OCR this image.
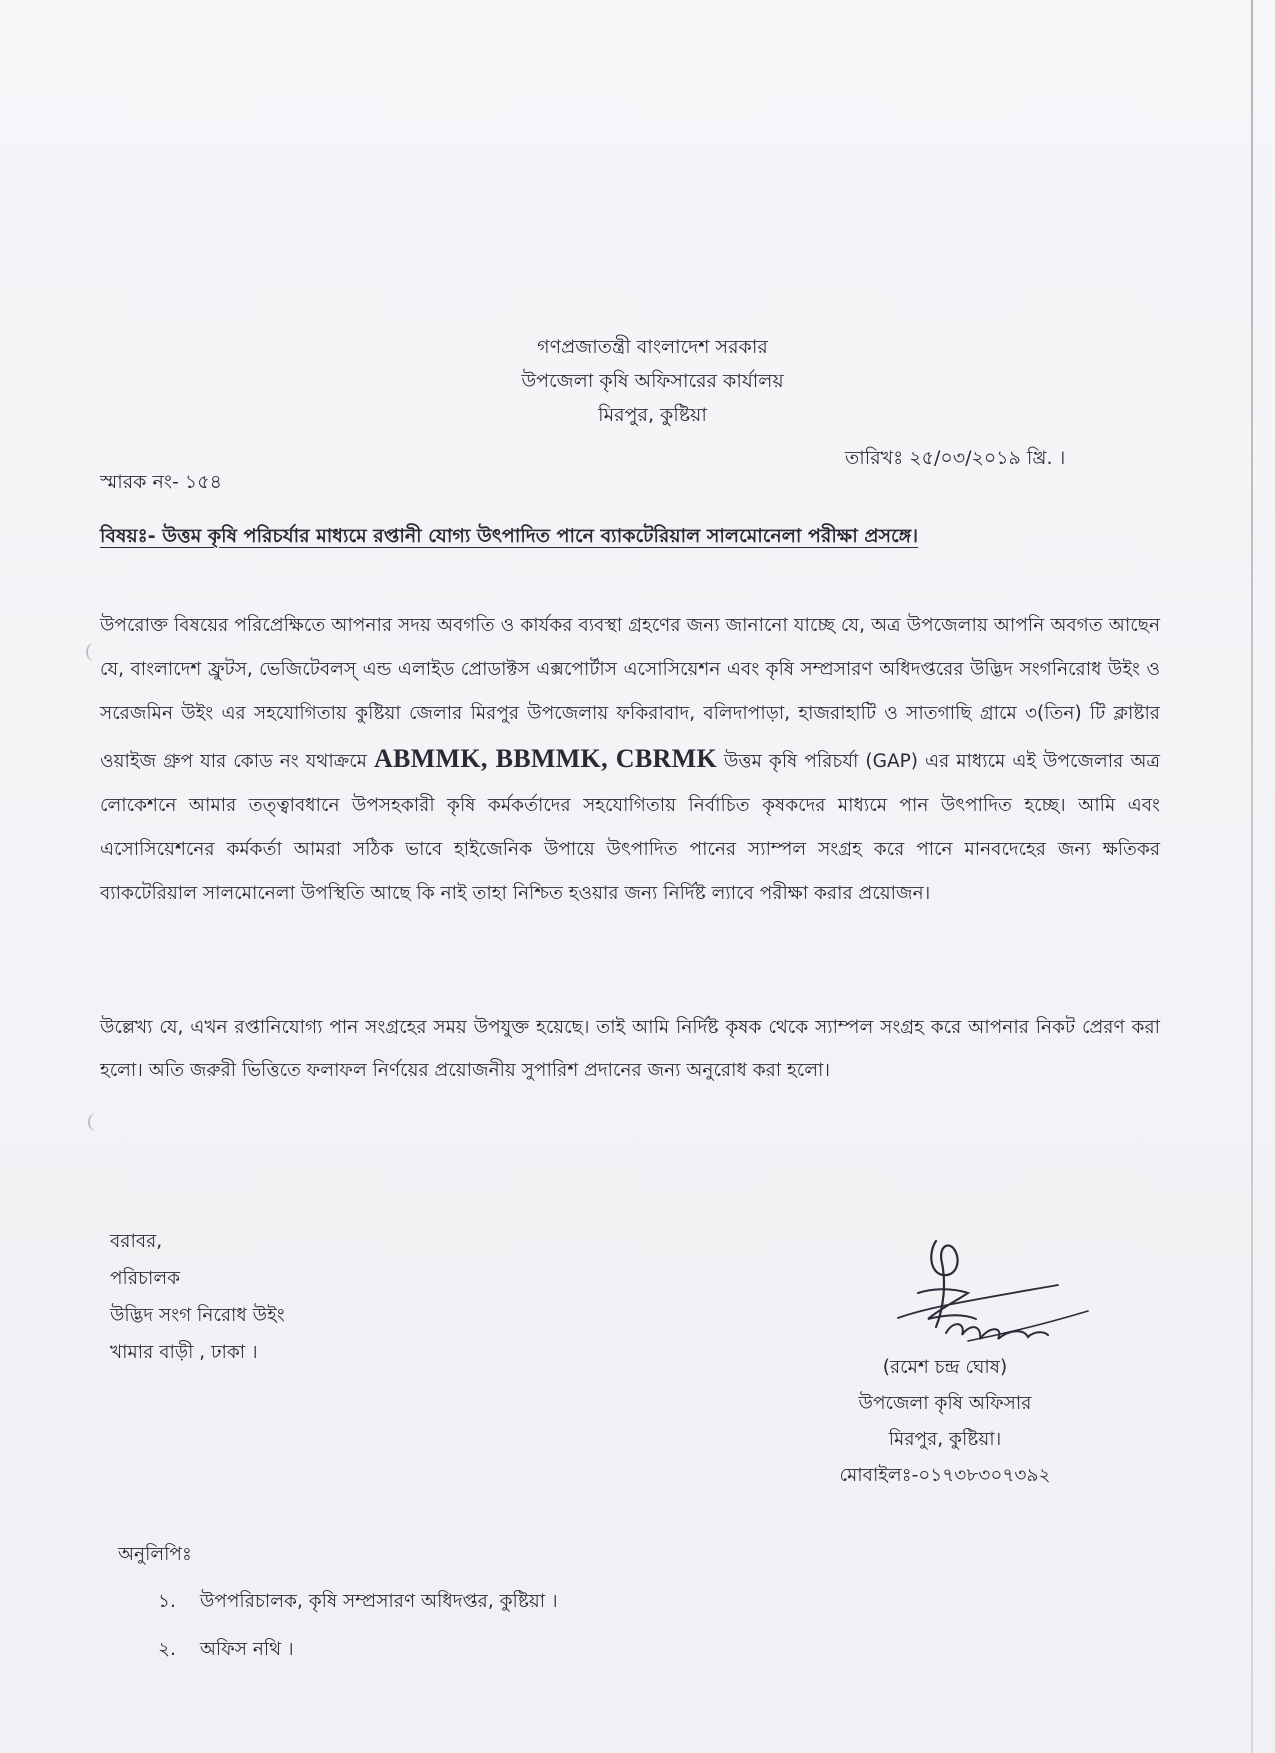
গণপ্রজাতন্ত্রী বাংলাদেশ সরকার
উপজেলা কৃষি অফিসারের কার্যালয়
মিরপুর, কুষ্টিয়া
তারিখঃ ২৫/০৩/২০১৯ খ্রি. ।
স্মারক নং- ১৫৪
বিষয়ঃ- উত্তম কৃষি পরিচর্যার মাধ্যমে রপ্তানী যোগ্য উৎপাদিত পানে ব্যাকটেরিয়াল সালমোনেলা পরীক্ষা প্রসঙ্গে।
উপরোক্ত বিষয়ের পরিপ্রেক্ষিতে আপনার সদয় অবগতি ও কার্যকর ব্যবস্থা গ্রহণের জন্য জানানো যাচ্ছে যে, অত্র উপজেলায় আপনি অবগত আছেন যে, বাংলাদেশ ফ্রুটস, ভেজিটেবলস্ এন্ড এলাইড প্রোডাক্টস এক্সপোর্টাস এসোসিয়েশন এবং কৃষি সম্প্রসারণ অধিদপ্তরের উদ্ভিদ সংগনিরোধ উইং ও সরেজমিন উইং এর সহযোগিতায় কুষ্টিয়া জেলার মিরপুর উপজেলায় ফকিরাবাদ, বলিদাপাড়া, হাজরাহাটি ও সাতগাছি গ্রামে ৩(তিন) টি ক্লাষ্টার ওয়াইজ গ্রুপ যার কোড নং যথাক্রমে ABMMK, BBMMK, CBRMK উত্তম কৃষি পরিচর্যা (GAP) এর মাধ্যমে এই উপজেলার অত্র লোকেশনে আমার তত্ত্বাবধানে উপসহকারী কৃষি কর্মকর্তাদের সহযোগিতায় নির্বাচিত কৃষকদের মাধ্যমে পান উৎপাদিত হচ্ছে। আমি এবং এসোসিয়েশনের কর্মকর্তা আমরা সঠিক ভাবে হাইজেনিক উপায়ে উৎপাদিত পানের স্যাম্পল সংগ্রহ করে পানে মানবদেহের জন্য ক্ষতিকর ব্যাকটেরিয়াল সালমোনেলা উপস্থিতি আছে কি নাই তাহা নিশ্চিত হওয়ার জন্য নির্দিষ্ট ল্যাবে পরীক্ষা করার প্রয়োজন।
উল্লেখ্য যে, এখন রপ্তানিযোগ্য পান সংগ্রহের সময় উপযুক্ত হয়েছে। তাই আমি নির্দিষ্ট কৃষক থেকে স্যাম্পল সংগ্রহ করে আপনার নিকট প্রেরণ করা হলো। অতি জরুরী ভিত্তিতে ফলাফল নির্ণয়ের প্রয়োজনীয় সুপারিশ প্রদানের জন্য অনুরোধ করা হলো।
বরাবর,
পরিচালক
উদ্ভিদ সংগ নিরোধ উইং
খামার বাড়ী , ঢাকা ।
(রমেশ চন্দ্র ঘোষ)
উপজেলা কৃষি অফিসার
মিরপুর, কুষ্টিয়া।
মোবাইলঃ-০১৭৩৮৩০৭৩৯২
অনুলিপিঃ
১. উপপরিচালক, কৃষি সম্প্রসারণ অধিদপ্তর, কুষ্টিয়া ।
২. অফিস নথি ।
